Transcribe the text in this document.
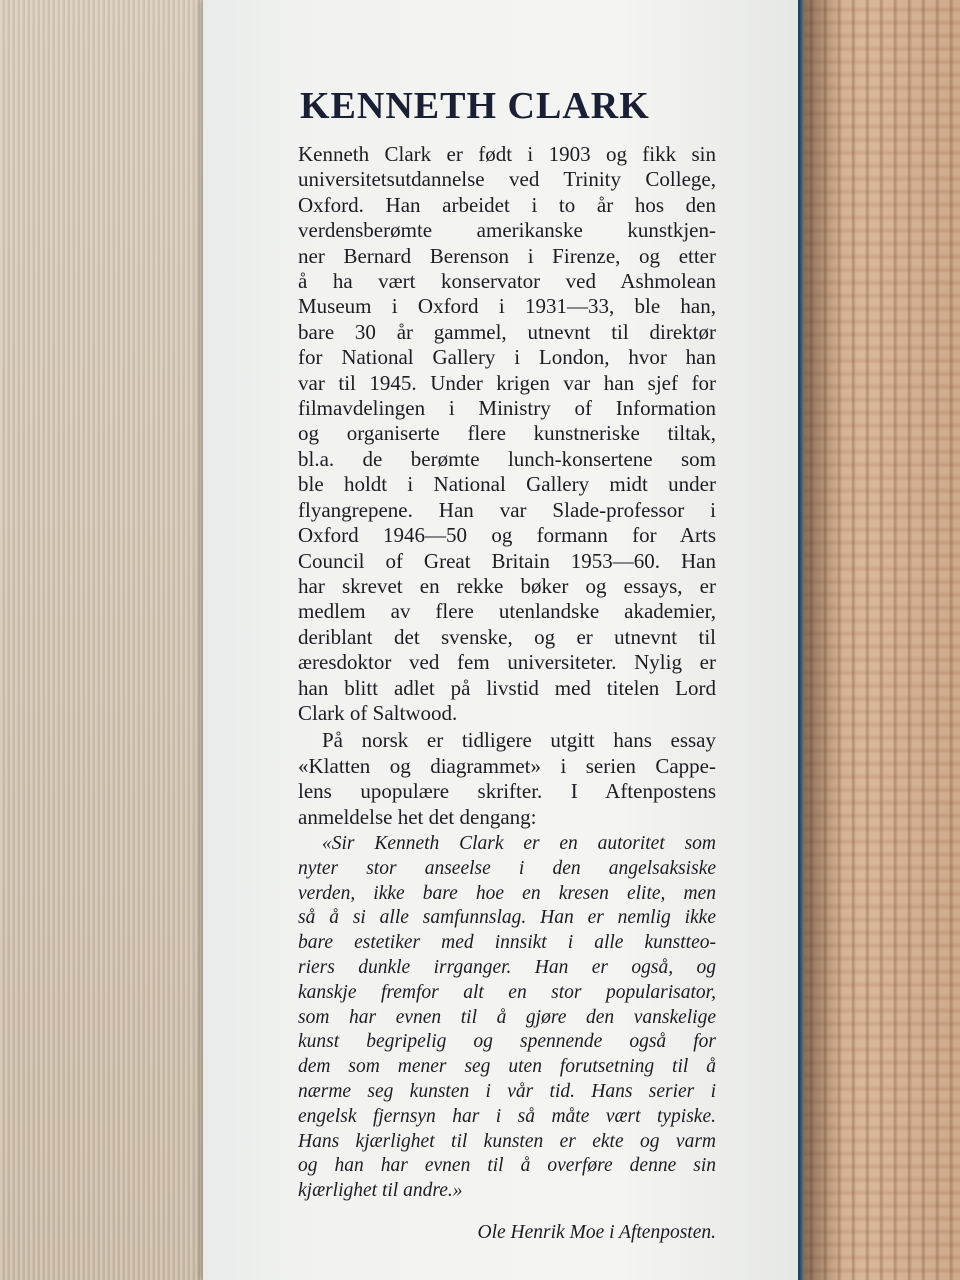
KENNETH CLARK
Kenneth Clark er født i 1903 og fikk sin
universitetsutdannelse ved Trinity College,
Oxford. Han arbeidet i to år hos den
verdensberømte amerikanske kunstkjen-
ner Bernard Berenson i Firenze, og etter
å ha vært konservator ved Ashmolean
Museum i Oxford i 1931—33, ble han,
bare 30 år gammel, utnevnt til direktør
for National Gallery i London, hvor han
var til 1945. Under krigen var han sjef for
filmavdelingen i Ministry of Information
og organiserte flere kunstneriske tiltak,
bl.a. de berømte lunch-konsertene som
ble holdt i National Gallery midt under
flyangrepene. Han var Slade-professor i
Oxford 1946—50 og formann for Arts
Council of Great Britain 1953—60. Han
har skrevet en rekke bøker og essays, er
medlem av flere utenlandske akademier,
deriblant det svenske, og er utnevnt til
æresdoktor ved fem universiteter. Nylig er
han blitt adlet på livstid med titelen Lord
Clark of Saltwood.
På norsk er tidligere utgitt hans essay
«Klatten og diagrammet» i serien Cappe-
lens upopulære skrifter. I Aftenpostens
anmeldelse het det dengang:
«Sir Kenneth Clark er en autoritet som
nyter stor anseelse i den angelsaksiske
verden, ikke bare hoe en kresen elite, men
så å si alle samfunnslag. Han er nemlig ikke
bare estetiker med innsikt i alle kunstteo-
riers dunkle irrganger. Han er også, og
kanskje fremfor alt en stor popularisator,
som har evnen til å gjøre den vanskelige
kunst begripelig og spennende også for
dem som mener seg uten forutsetning til å
nærme seg kunsten i vår tid. Hans serier i
engelsk fjernsyn har i så måte vært typiske.
Hans kjærlighet til kunsten er ekte og varm
og han har evnen til å overføre denne sin
kjærlighet til andre.»
Ole Henrik Moe i Aftenposten.
